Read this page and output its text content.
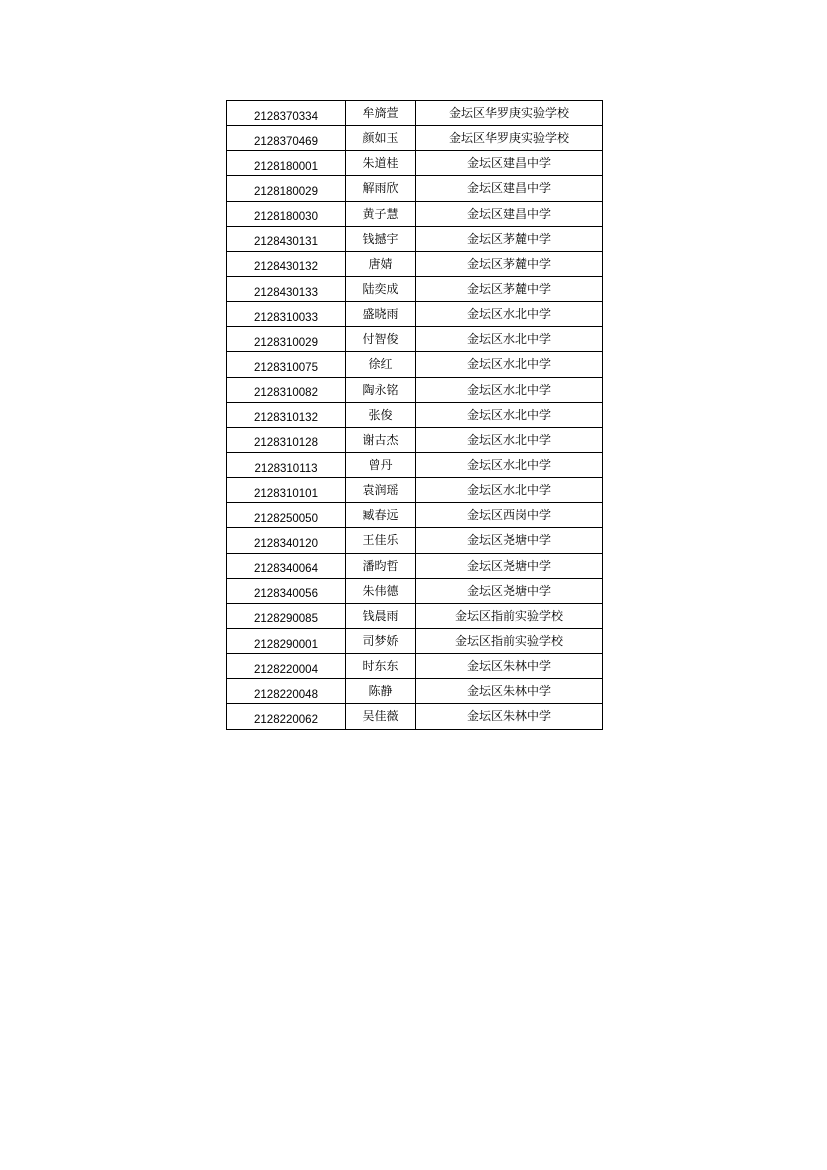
2128370334	牟旖萱	金坛区华罗庚实验学校
2128370469	颜如玉	金坛区华罗庚实验学校
2128180001	朱道桂	金坛区建昌中学
2128180029	解雨欣	金坛区建昌中学
2128180030	黄子慧	金坛区建昌中学
2128430131	钱撼宇	金坛区茅麓中学
2128430132	唐婧	金坛区茅麓中学
2128430133	陆奕成	金坛区茅麓中学
2128310033	盛晓雨	金坛区水北中学
2128310029	付智俊	金坛区水北中学
2128310075	徐红	金坛区水北中学
2128310082	陶永铭	金坛区水北中学
2128310132	张俊	金坛区水北中学
2128310128	谢古杰	金坛区水北中学
2128310113	曾丹	金坛区水北中学
2128310101	袁润瑶	金坛区水北中学
2128250050	臧春远	金坛区西岗中学
2128340120	王佳乐	金坛区尧塘中学
2128340064	潘昀哲	金坛区尧塘中学
2128340056	朱伟德	金坛区尧塘中学
2128290085	钱晨雨	金坛区指前实验学校
2128290001	司梦娇	金坛区指前实验学校
2128220004	时东东	金坛区朱林中学
2128220048	陈静	金坛区朱林中学
2128220062	吴佳薇	金坛区朱林中学
